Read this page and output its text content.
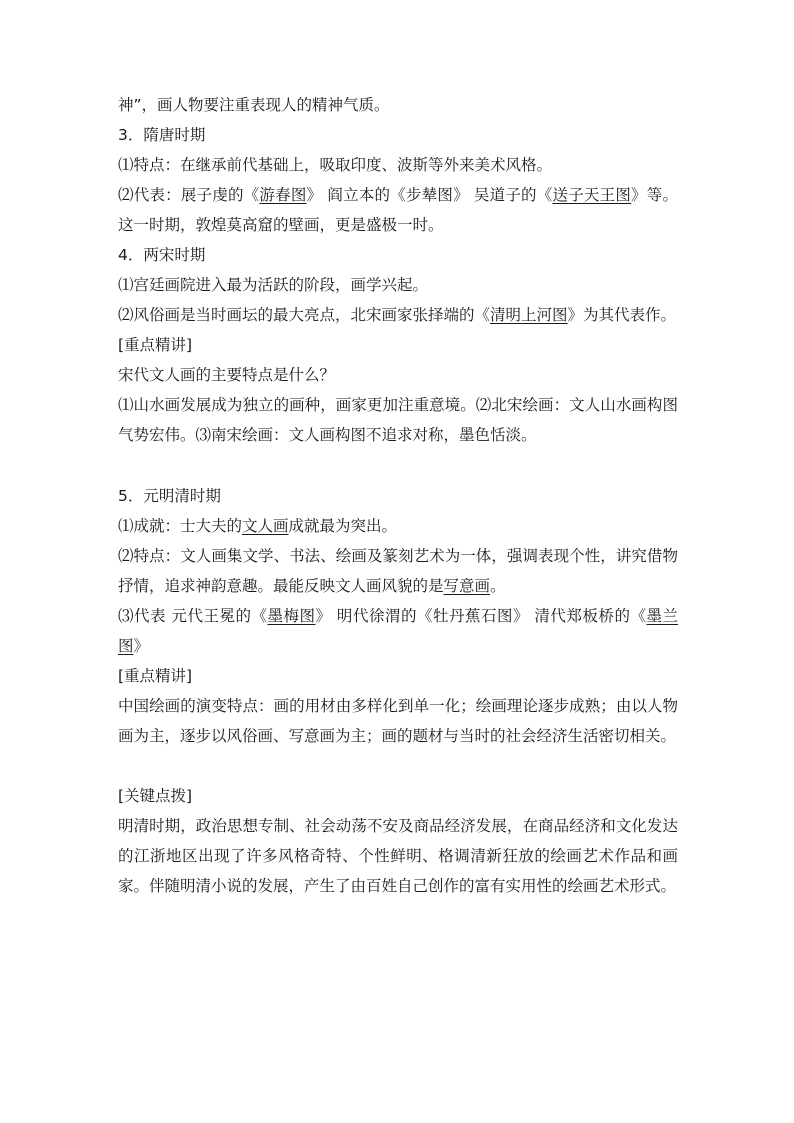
神”，画人物要注重表现人的精神气质。
3．隋唐时期
⑴特点：在继承前代基础上，吸取印度、波斯等外来美术风格。
⑵代表：展子虔的《游春图》 阎立本的《步辇图》 吴道子的《送子天王图》等。这一时期，敦煌莫高窟的壁画，更是盛极一时。
4．两宋时期
⑴宫廷画院进入最为活跃的阶段，画学兴起。
⑵风俗画是当时画坛的最大亮点，北宋画家张择端的《清明上河图》为其代表作。
[重点精讲]
宋代文人画的主要特点是什么？
⑴山水画发展成为独立的画种，画家更加注重意境。⑵北宋绘画：文人山水画构图气势宏伟。⑶南宋绘画：文人画构图不追求对称，墨色恬淡。
5．元明清时期
⑴成就：士大夫的文人画成就最为突出。
⑵特点：文人画集文学、书法、绘画及篆刻艺术为一体，强调表现个性，讲究借物抒情，追求神韵意趣。最能反映文人画风貌的是写意画。
⑶代表 元代王冕的《墨梅图》 明代徐渭的《牡丹蕉石图》 清代郑板桥的《墨兰图》
[重点精讲]
中国绘画的演变特点：画的用材由多样化到单一化；绘画理论逐步成熟；由以人物画为主，逐步以风俗画、写意画为主；画的题材与当时的社会经济生活密切相关。
[关键点拨]
明清时期，政治思想专制、社会动荡不安及商品经济发展，在商品经济和文化发达的江浙地区出现了许多风格奇特、个性鲜明、格调清新狂放的绘画艺术作品和画家。伴随明清小说的发展，产生了由百姓自己创作的富有实用性的绘画艺术形式。
